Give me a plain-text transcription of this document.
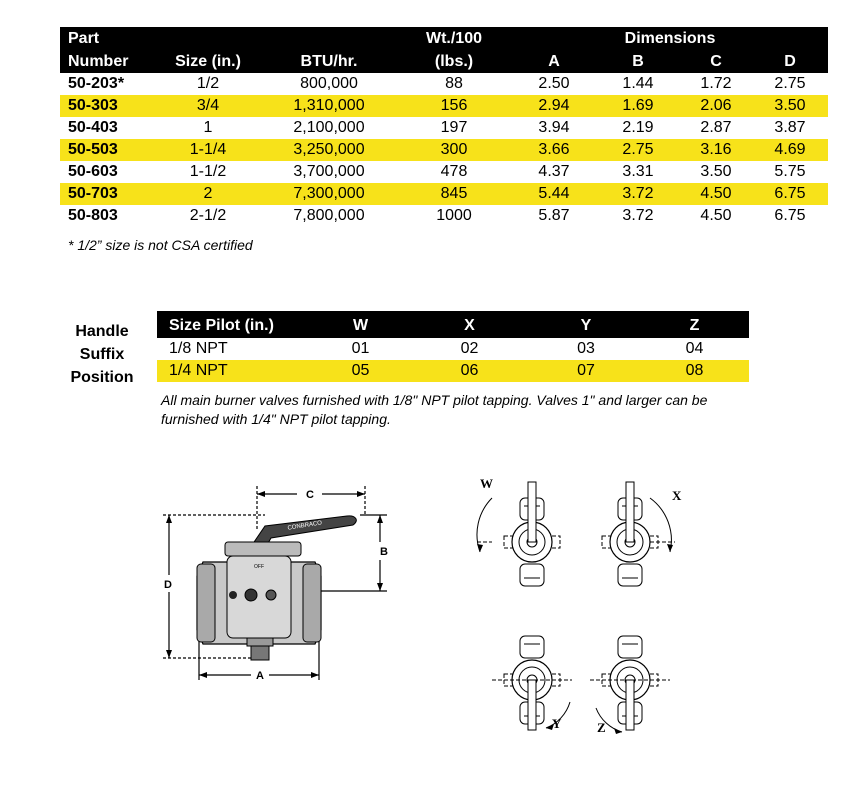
Part			Wt./100	Dimensions			
Number	Size (in.)	BTU/hr.	(lbs.)	A	B	C	D
50-203*	1/2	800,000	88	2.50	1.44	1.72	2.75
50-303	3/4	1,310,000	156	2.94	1.69	2.06	3.50
50-403	1	2,100,000	197	3.94	2.19	2.87	3.87
50-503	1-1/4	3,250,000	300	3.66	2.75	3.16	4.69
50-603	1-1/2	3,700,000	478	4.37	3.31	3.50	5.75
50-703	2	7,300,000	845	5.44	3.72	4.50	6.75
50-803	2-1/2	7,800,000	1000	5.87	3.72	4.50	6.75
* 1/2” size is not CSA certified
Handle
Suffix
Position
Size Pilot (in.)	W	X	Y	Z
1/8 NPT	01	02	03	04
1/4 NPT	05	06	07	08
All main burner valves furnished with 1/8" NPT pilot tapping. Valves 1" and larger can be furnished with 1/4" NPT pilot tapping.
CONBRACO
OFF
C
B
D
A
W
X
Y	Z
